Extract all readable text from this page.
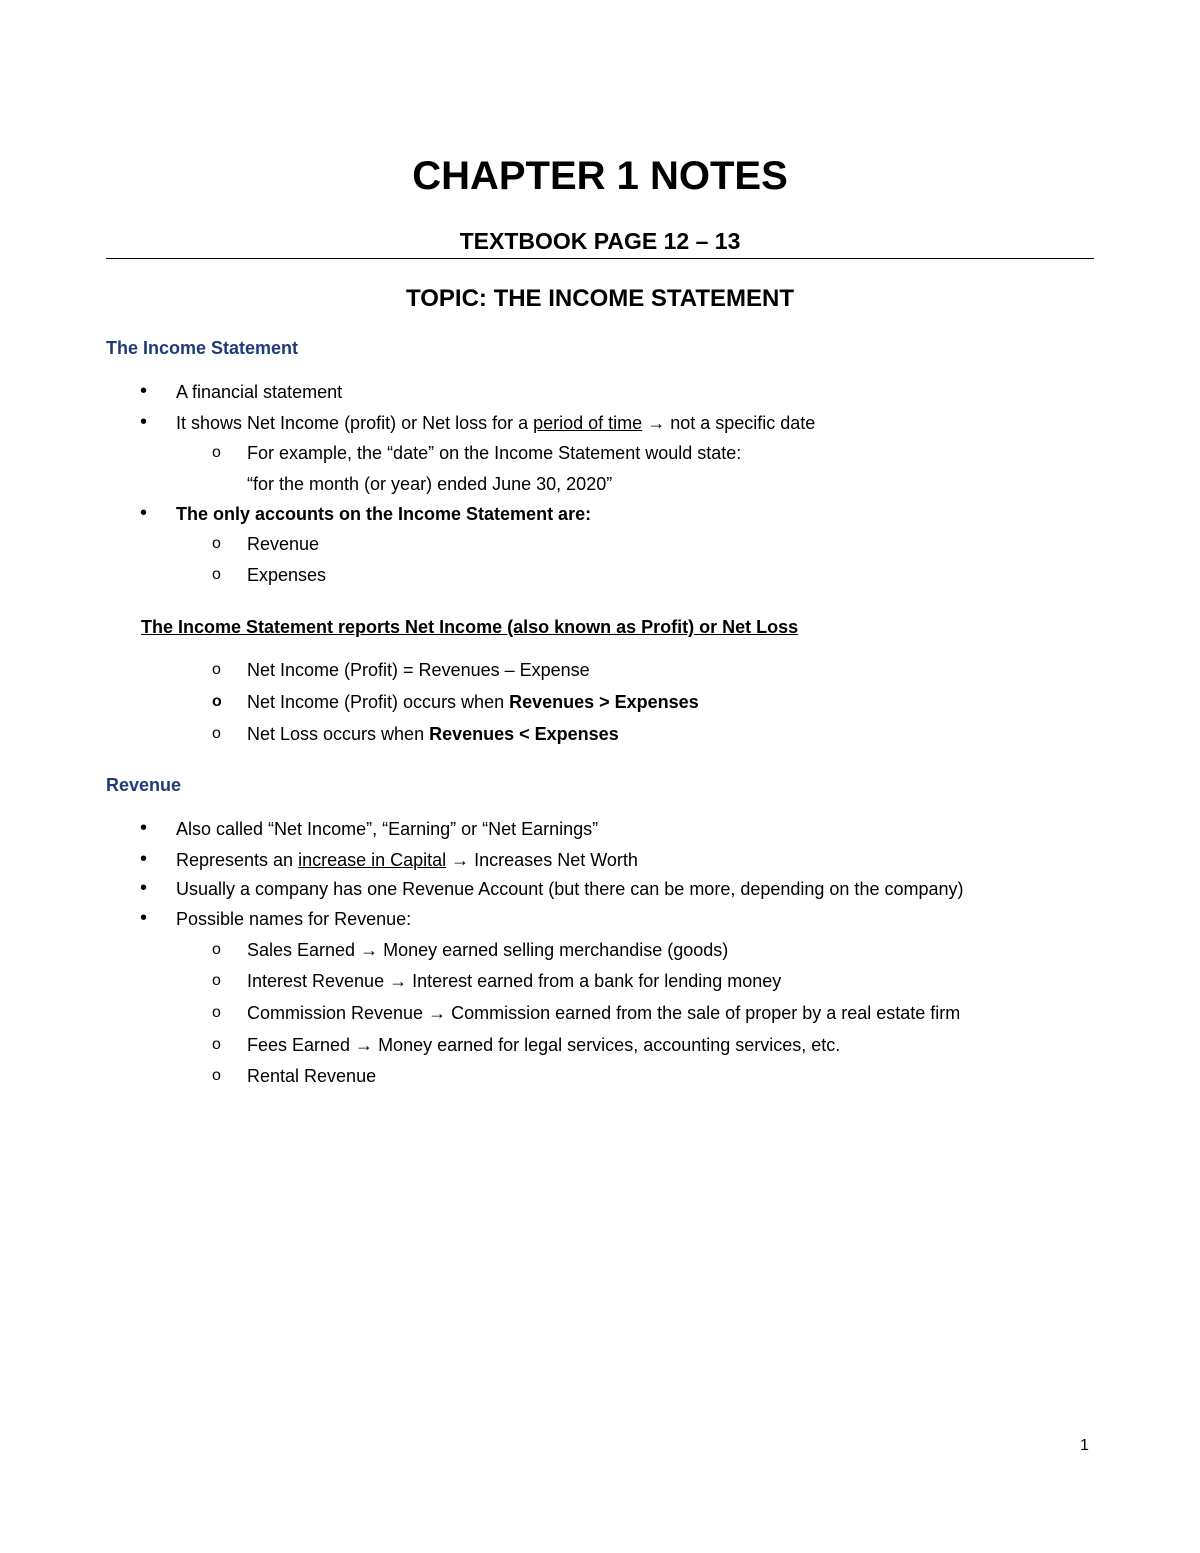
CHAPTER 1 NOTES
TEXTBOOK PAGE 12 – 13
TOPIC: THE INCOME STATEMENT
The Income Statement
• A financial statement
• It shows Net Income (profit) or Net loss for a period of time → not a specific date
o For example, the “date” on the Income Statement would state:
“for the month (or year) ended June 30, 2020”
• The only accounts on the Income Statement are:
o Revenue
o Expenses
The Income Statement reports Net Income (also known as Profit) or Net Loss
o Net Income (Profit) = Revenues – Expense
o Net Income (Profit) occurs when Revenues > Expenses
o Net Loss occurs when Revenues < Expenses
Revenue
• Also called “Net Income”, “Earning” or “Net Earnings”
• Represents an increase in Capital → Increases Net Worth
• Usually a company has one Revenue Account (but there can be more, depending on the company)
• Possible names for Revenue:
o Sales Earned → Money earned selling merchandise (goods)
o Interest Revenue → Interest earned from a bank for lending money
o Commission Revenue → Commission earned from the sale of proper by a real estate firm
o Fees Earned → Money earned for legal services, accounting services, etc.
o Rental Revenue
1
